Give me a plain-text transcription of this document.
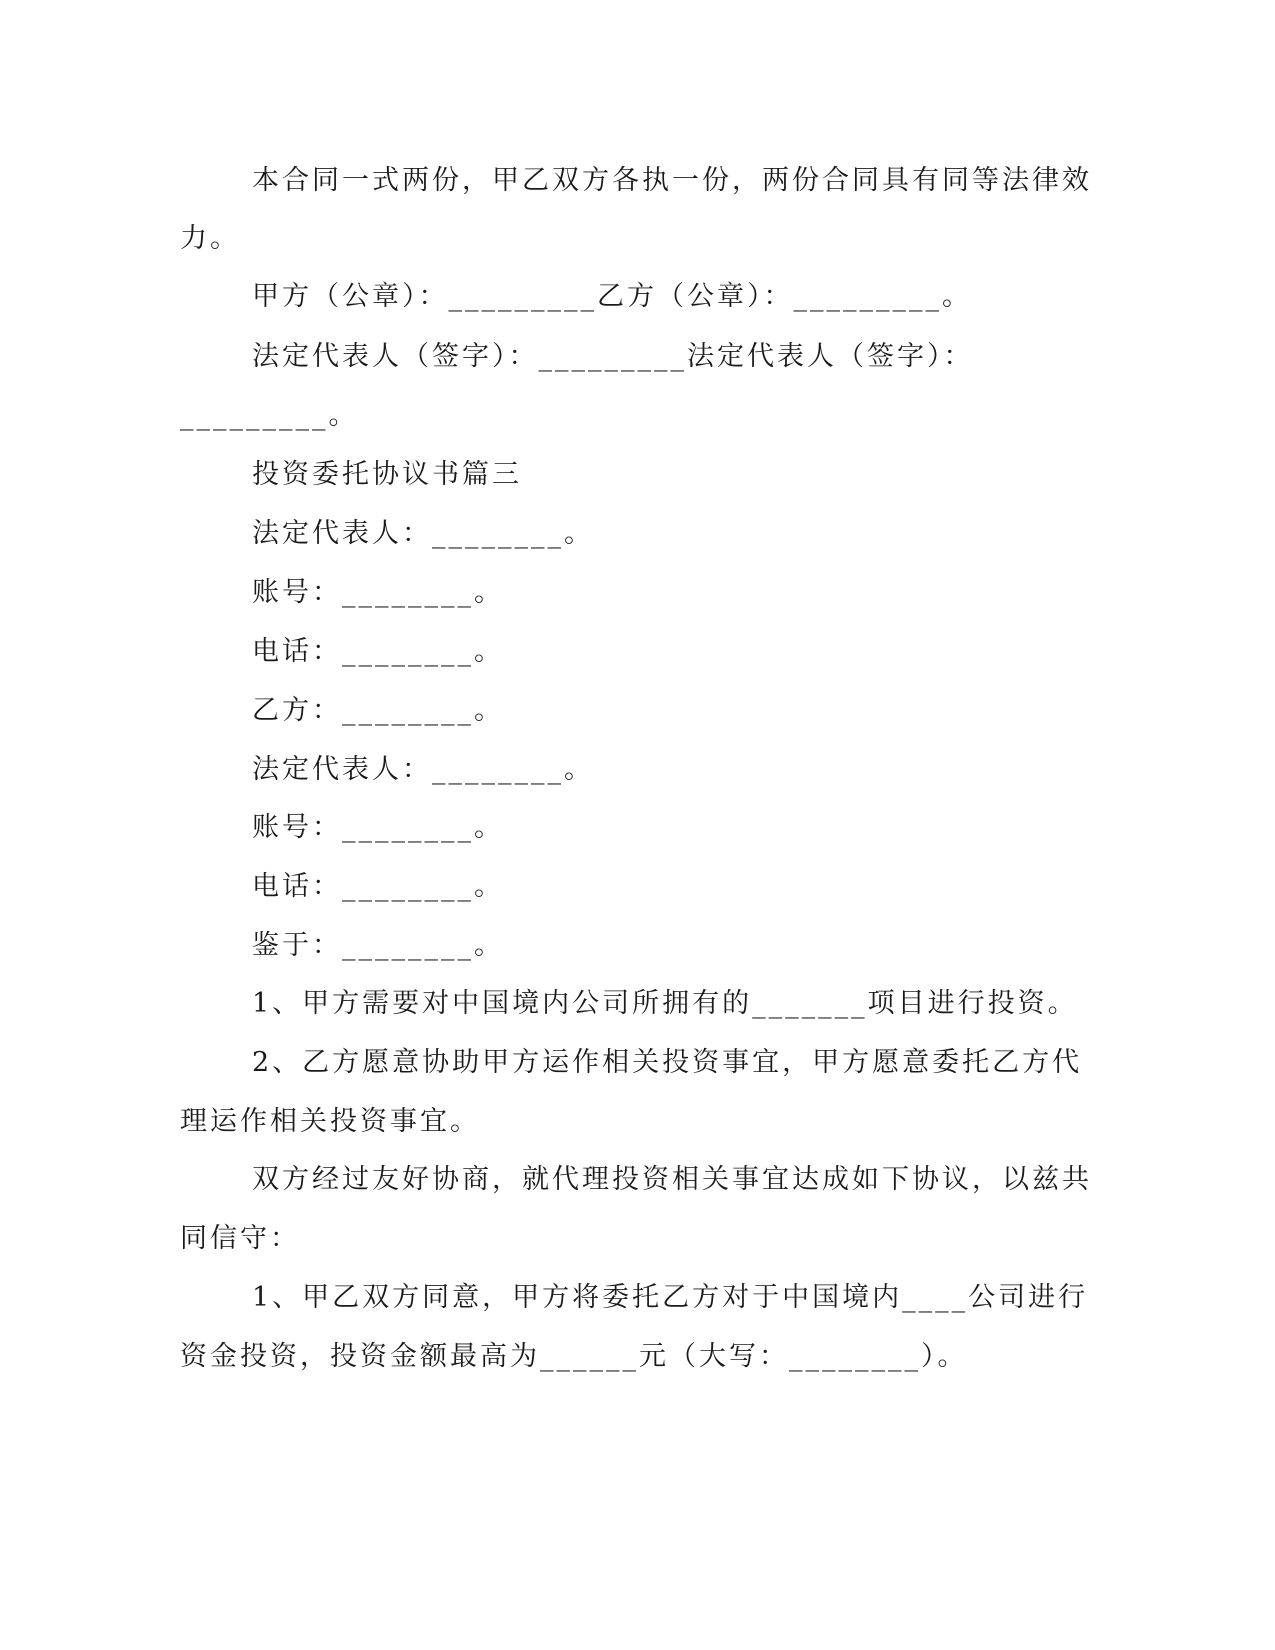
本合同一式两份，甲乙双方各执一份，两份合同具有同等法律效
力。
甲方（公章）：_________乙方（公章）：_________。
法定代表人（签字）：_________法定代表人（签字）：
_________。
投资委托协议书篇三
法定代表人：________。
账号：________。
电话：________。
乙方：________。
法定代表人：________。
账号：________。
电话：________。
鉴于：________。
1、甲方需要对中国境内公司所拥有的_______项目进行投资。
2、乙方愿意协助甲方运作相关投资事宜，甲方愿意委托乙方代
理运作相关投资事宜。
双方经过友好协商，就代理投资相关事宜达成如下协议，以兹共
同信守：
1、甲乙双方同意，甲方将委托乙方对于中国境内____公司进行
资金投资，投资金额最高为______元（大写：________）。
